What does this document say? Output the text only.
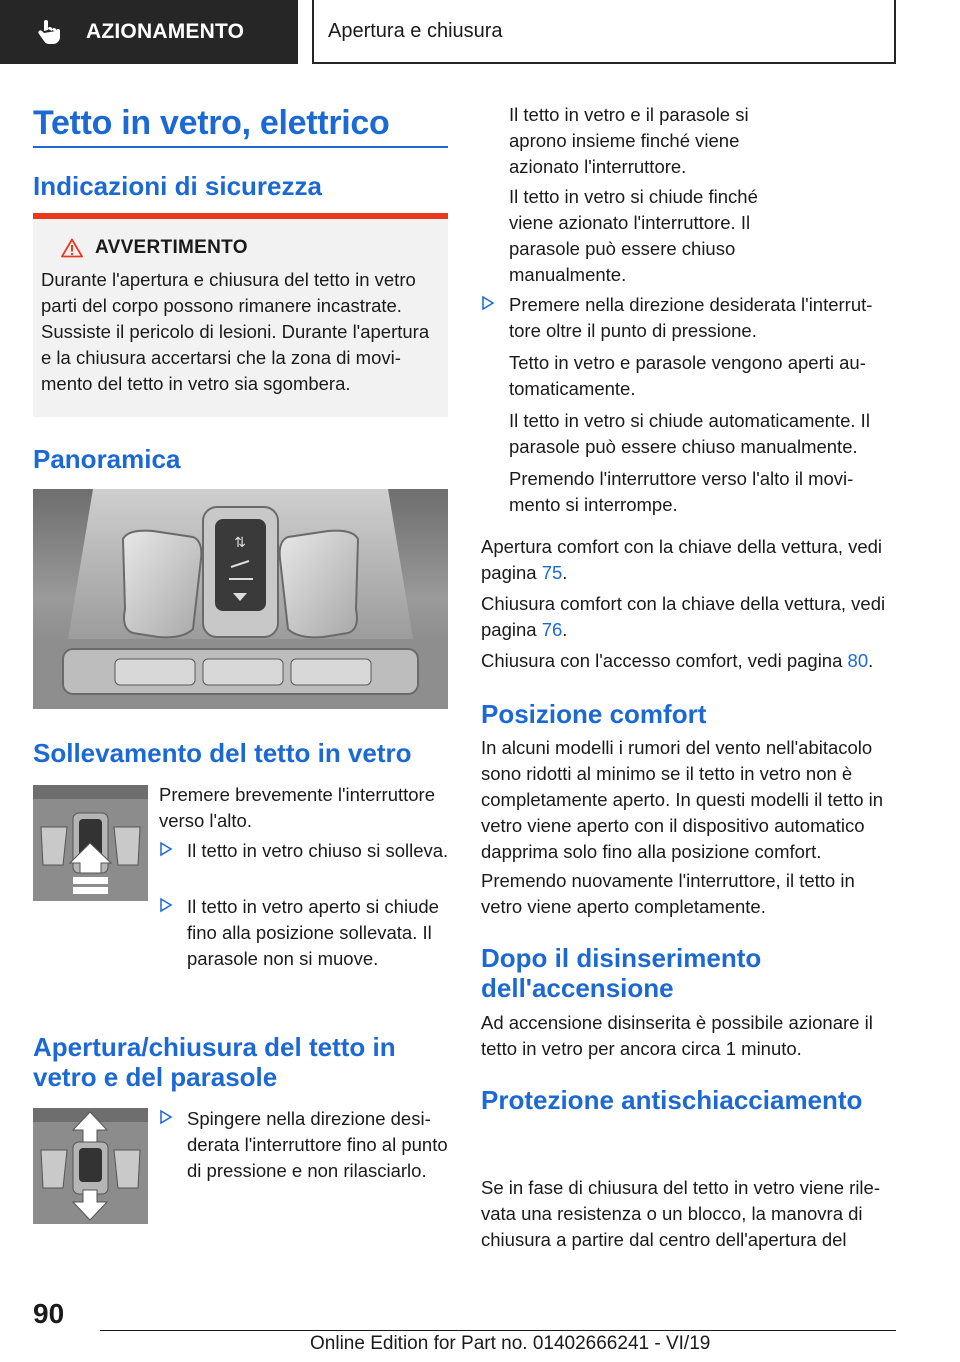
AZIONAMENTO	Apertura e chiusura
Tetto in vetro, elettrico
Indicazioni di sicurezza
AVVERTIMENTO

Durante l'apertura e chiusura del tetto in vetro parti del corpo possono rimanere incastrate. Sussiste il pericolo di lesioni. Durante l'apertura e la chiusura accertarsi che la zona di movimento del tetto in vetro sia sgombera.

Panoramica
⇅
Sollevamento del tetto in vetro

Premere brevemente l'interruttore verso l'alto.

Il tetto in vetro chiuso si solleva.
Il tetto in vetro aperto si chiude fino alla posizione sollevata. Il parasole non si muove.
Apertura/chiusura del tetto in vetro e del parasole
Spingere nella direzione desiderata l'interruttore fino al punto di pressione e non rilasciarlo.

Il tetto in vetro e il parasole si aprono insieme finché viene azionato l'interruttore.

Il tetto in vetro si chiude finché viene azionato l'interruttore. Il parasole può essere chiuso manualmente.

Premere nella direzione desiderata l'interruttore oltre il punto di pressione.

Tetto in vetro e parasole vengono aperti automaticamente.

Il tetto in vetro si chiude automaticamente. Il parasole può essere chiuso manualmente.

Premendo l'interruttore verso l'alto il movimento si interrompe.

Apertura comfort con la chiave della vettura, vedi pagina 75.

Chiusura comfort con la chiave della vettura, vedi pagina 76.

Chiusura con l'accesso comfort, vedi pagina 80.

Posizione comfort

In alcuni modelli i rumori del vento nell'abitacolo sono ridotti al minimo se il tetto in vetro non è completamente aperto. In questi modelli il tetto in vetro viene aperto con il dispositivo automatico dapprima solo fino alla posizione comfort.

Premendo nuovamente l'interruttore, il tetto in vetro viene aperto completamente.

Dopo il disinserimento dell'accensione

Ad accensione disinserita è possibile azionare il tetto in vetro per ancora circa 1 minuto.

Protezione antischiacciamento

Se in fase di chiusura del tetto in vetro viene rilevata una resistenza o un blocco, la manovra di chiusura a partire dal centro dell'apertura del

90
Online Edition for Part no. 01402666241 - VI/19
